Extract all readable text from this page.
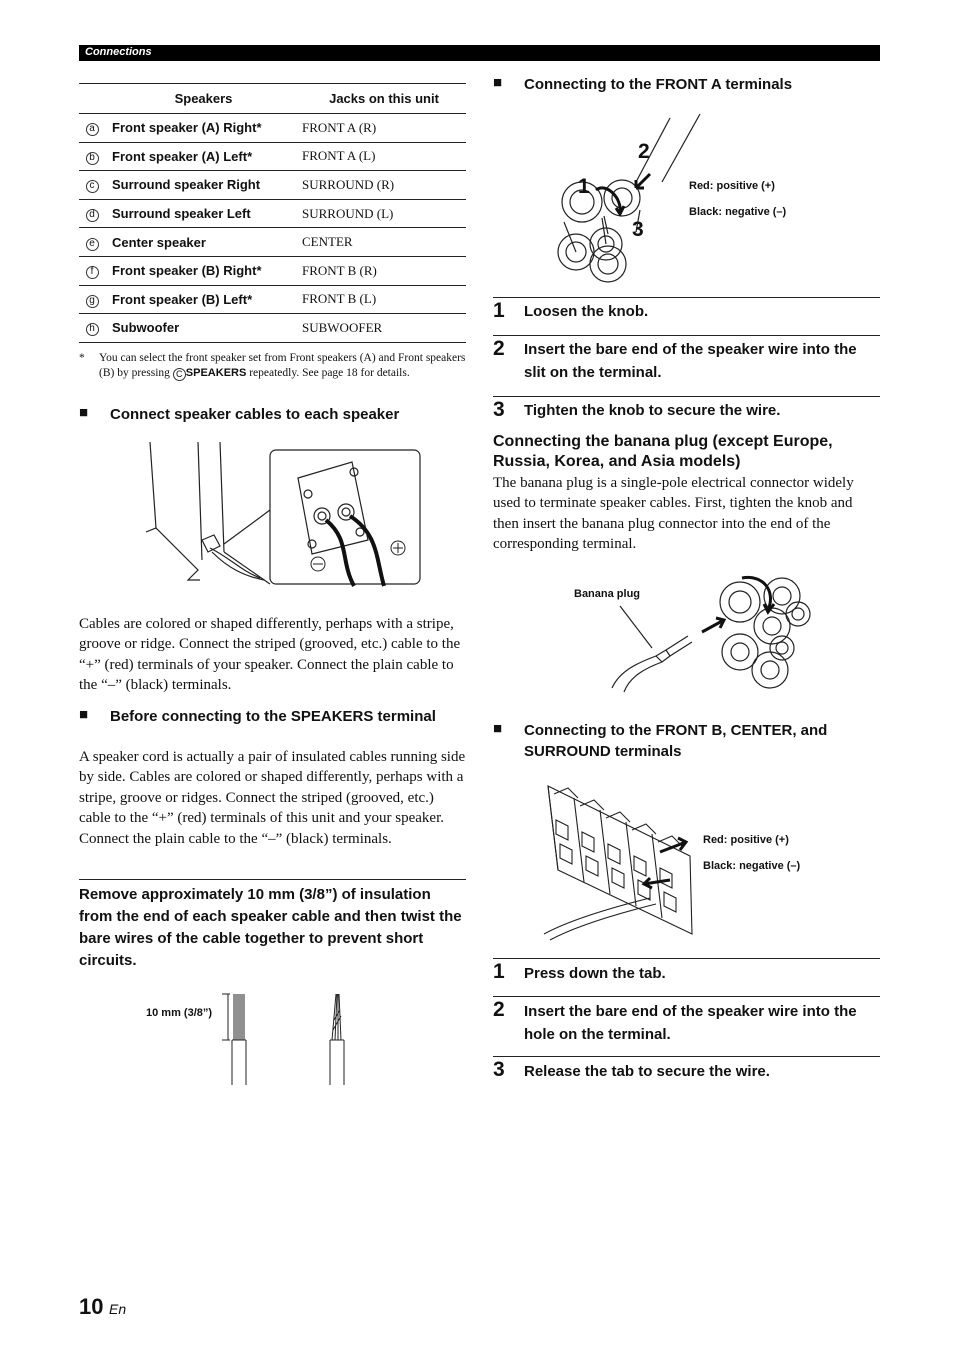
Connections
	Speakers	Jacks on this unit
a	Front speaker (A) Right*	FRONT A (R)
b	Front speaker (A) Left*	FRONT A (L)
c	Surround speaker Right	SURROUND (R)
d	Surround speaker Left	SURROUND (L)
e	Center speaker	CENTER
f	Front speaker (B) Right*	FRONT B (R)
g	Front speaker (B) Left*	FRONT B (L)
h	Subwoofer	SUBWOOFER
* You can select the front speaker set from Front speakers (A) and Front speakers (B) by pressing C SPEAKERS repeatedly. See page 18 for details.
■ Connect speaker cables to each speaker
Cables are colored or shaped differently, perhaps with a stripe, groove or ridge. Connect the striped (grooved, etc.) cable to the “+” (red) terminals of your speaker. Connect the plain cable to the “–” (black) terminals.
■ Before connecting to the SPEAKERS terminal
A speaker cord is actually a pair of insulated cables running side by side. Cables are colored or shaped differently, perhaps with a stripe, groove or ridges. Connect the striped (grooved, etc.) cable to the “+” (red) terminals of this unit and your speaker. Connect the plain cable to the “–” (black) terminals.
Remove approximately 10 mm (3/8”) of insulation from the end of each speaker cable and then twist the bare wires of the cable together to prevent short circuits.
10 mm (3/8”)
■ Connecting to the FRONT A terminals
2
1
3
Red: positive (+)
Black: negative (–)
1 Loosen the knob.
2 Insert the bare end of the speaker wire into the slit on the terminal.
3 Tighten the knob to secure the wire.
Connecting the banana plug (except Europe, Russia, Korea, and Asia models)
The banana plug is a single-pole electrical connector widely used to terminate speaker cables. First, tighten the knob and then insert the banana plug connector into the end of the corresponding terminal.
Banana plug
■ Connecting to the FRONT B, CENTER, and SURROUND terminals
Red: positive (+)
Black: negative (–)
1 Press down the tab.
2 Insert the bare end of the speaker wire into the hole on the terminal.
3 Release the tab to secure the wire.
10 En
